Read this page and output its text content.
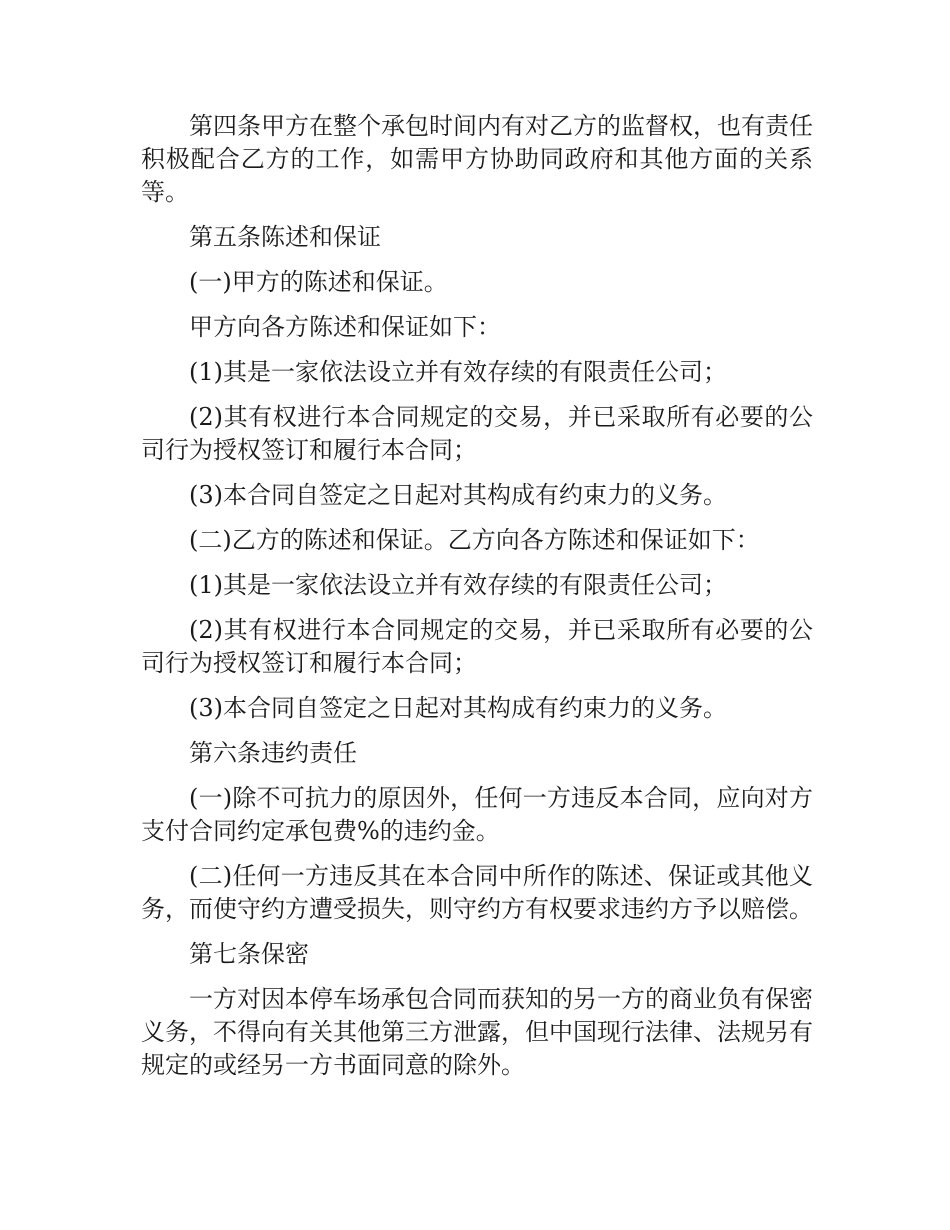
第四条甲方在整个承包时间内有对乙方的监督权，也有责任积极配合乙方的工作，如需甲方协助同政府和其他方面的关系等。

第五条陈述和保证

(一)甲方的陈述和保证。

甲方向各方陈述和保证如下：

(1)其是一家依法设立并有效存续的有限责任公司；

(2)其有权进行本合同规定的交易，并已采取所有必要的公司行为授权签订和履行本合同；

(3)本合同自签定之日起对其构成有约束力的义务。

(二)乙方的陈述和保证。乙方向各方陈述和保证如下：

(1)其是一家依法设立并有效存续的有限责任公司；

(2)其有权进行本合同规定的交易，并已采取所有必要的公司行为授权签订和履行本合同；

(3)本合同自签定之日起对其构成有约束力的义务。

第六条违约责任

(一)除不可抗力的原因外，任何一方违反本合同，应向对方支付合同约定承包费%的违约金。

(二)任何一方违反其在本合同中所作的陈述、保证或其他义务，而使守约方遭受损失，则守约方有权要求违约方予以赔偿。

第七条保密

一方对因本停车场承包合同而获知的另一方的商业负有保密义务，不得向有关其他第三方泄露，但中国现行法律、法规另有规定的或经另一方书面同意的除外。
